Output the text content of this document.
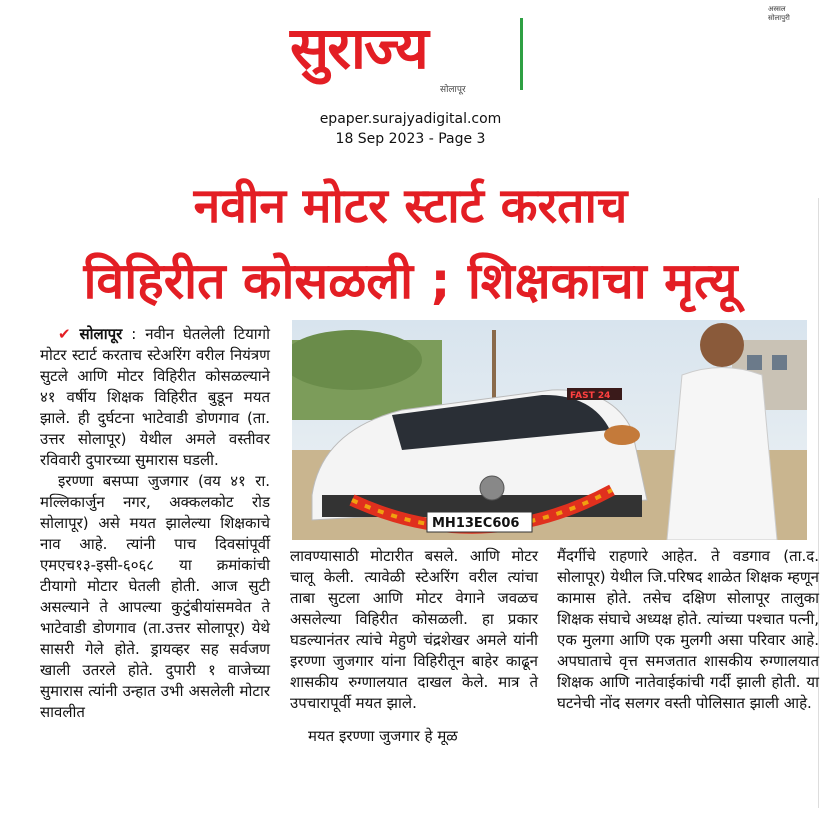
अस्सल सोलापुरी
सुराज्य
सोलापूर
epaper.surajyadigital.com
18 Sep 2023 - Page 3
नवीन मोटर स्टार्ट करताच
विहिरीत कोसळली ; शिक्षकाचा मृत्यू
MH13EC606
FAST 24

✔ सोलापूर : नवीन घेतलेली टियागो मोटर स्टार्ट करताच स्टेअरिंग वरील नियंत्रण सुटले आणि मोटर विहिरीत कोसळल्याने ४१ वर्षीय शिक्षक विहिरीत बुडून मयत झाले. ही दुर्घटना भाटेवाडी डोणगाव (ता. उत्तर सोलापूर) येथील अमले वस्तीवर रविवारी दुपारच्या सुमारास घडली.

इरण्णा बसप्पा जुजगार (वय ४१ रा. मल्लिकार्जुन नगर, अक्कलकोट रोड सोलापूर) असे मयत झालेल्या शिक्षकाचे नाव आहे. त्यांनी पाच दिवसांपूर्वी एमएच१३-इसी-६०६८ या क्रमांकांची टीयागो मोटार घेतली होती. आज सुटी असल्याने ते आपल्या कुटुंबीयांसमवेत ते भाटेवाडी डोणगाव (ता.उत्तर सोलापूर) येथे सासरी गेले होते. ड्रायव्हर सह सर्वजण खाली उतरले होते. दुपारी १ वाजेच्या सुमारास त्यांनी उन्हात उभी असलेली मोटार सावलीत

लावण्यासाठी मोटारीत बसले. आणि मोटर चालू केली. त्यावेळी स्टेअरिंग वरील त्यांचा ताबा सुटला आणि मोटर वेगाने जवळच असलेल्या विहिरीत कोसळली. हा प्रकार घडल्यानंतर त्यांचे मेहुणे चंद्रशेखर अमले यांनी इरण्णा जुजगार यांना विहिरीतून बाहेर काढून शासकीय रुग्णालयात दाखल केले. मात्र ते उपचारापूर्वी मयत झाले.

मयत इरण्णा जुजगार हे मूळ

मैंदर्गीचे राहणारे आहेत. ते वडगाव (ता.द. सोलापूर) येथील जि.परिषद शाळेत शिक्षक म्हणून कामास होते. तसेच दक्षिण सोलापूर तालुका शिक्षक संघाचे अध्यक्ष होते. त्यांच्या पश्चात पत्नी, एक मुलगा आणि एक मुलगी असा परिवार आहे. अपघाताचे वृत्त समजतात शासकीय रुग्णालयात शिक्षक आणि नातेवाईकांची गर्दी झाली होती. या घटनेची नोंद सलगर वस्ती पोलिसात झाली आहे.
